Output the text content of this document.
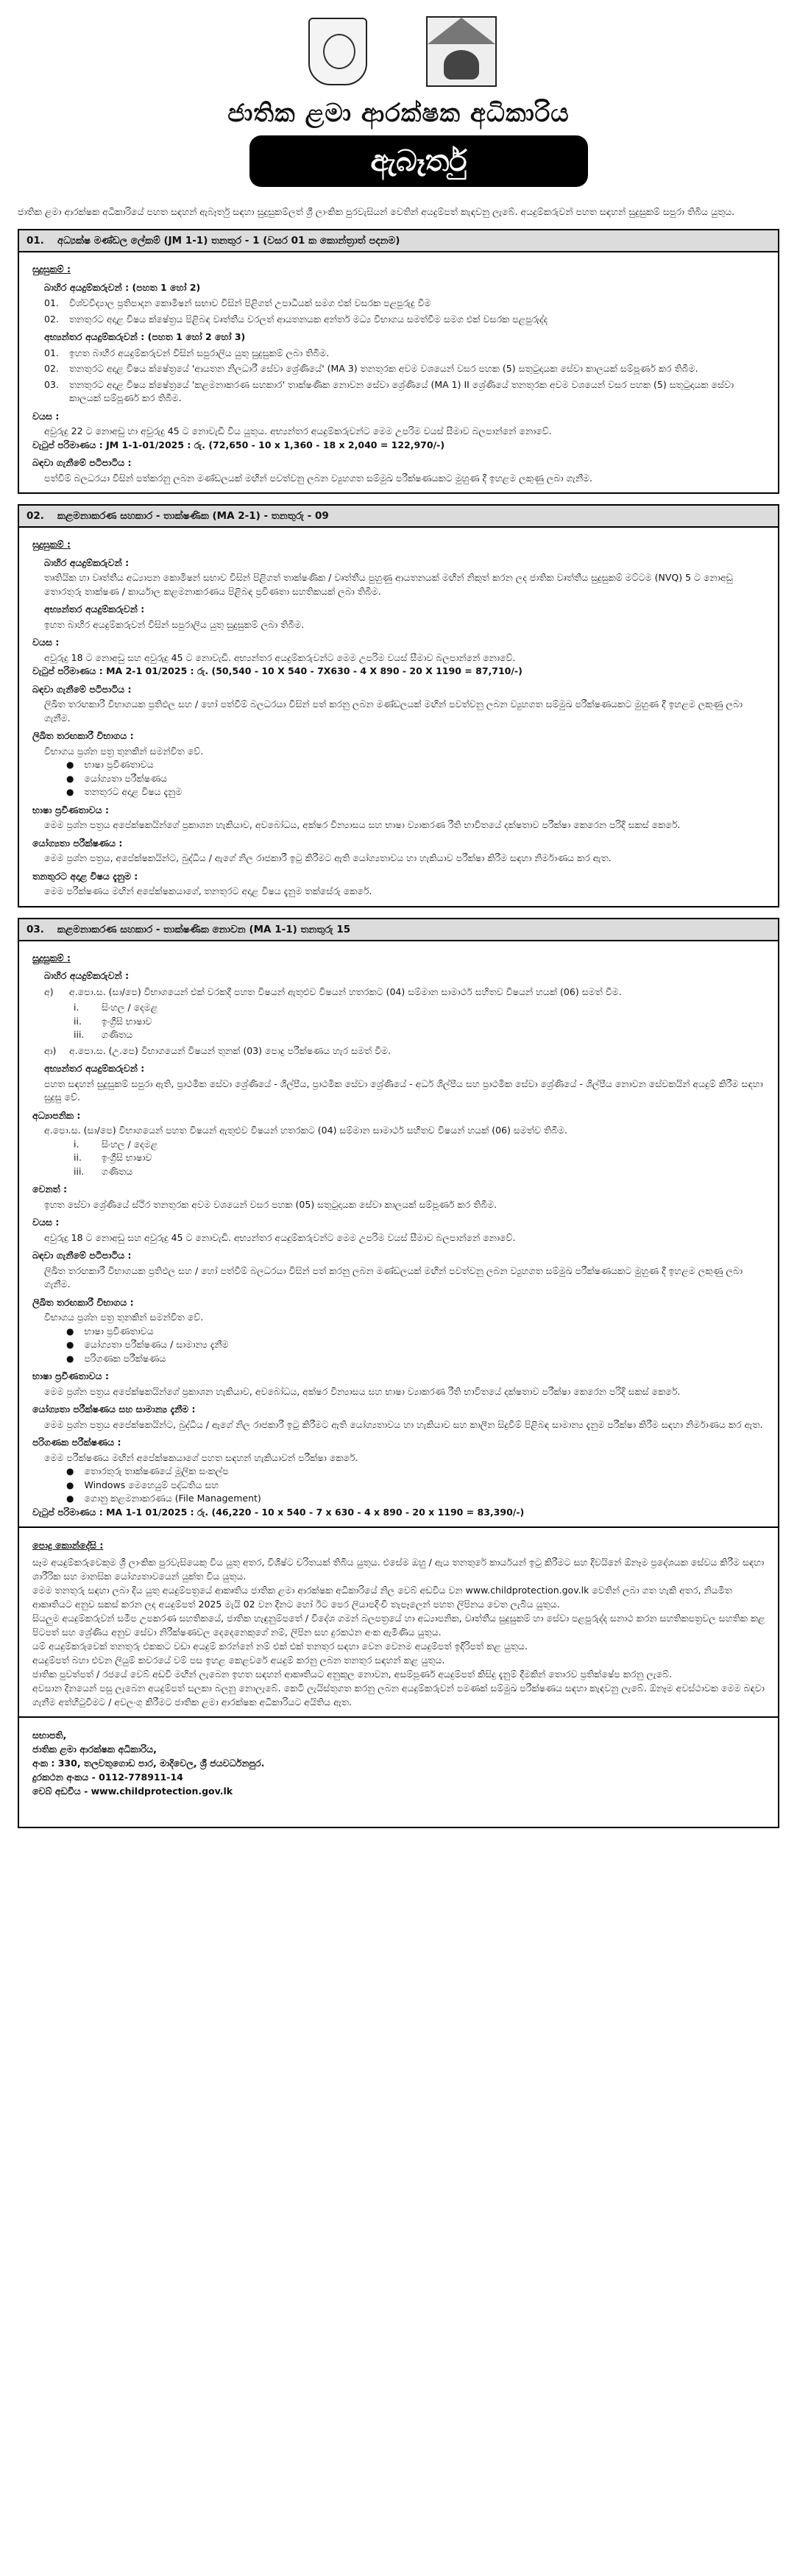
ජාතික ළමා ආරක්ෂක අධිකාරිය
ඇබෑර්තු
ජාතික ළමා ආරක්ෂක අධිකාරියේ පහත සඳහන් ඇබෑර්තු සඳහා සුදුසුකම්ලත් ශ්‍රී ලාංකික පුරවැසියන් වෙතින් අයදුම්පත් කැඳවනු ලැබේ. අයදුම්කරුවන් පහත සඳහන් සුදුසුකම් සපුරා තිබිය යුතුය.
01. අධ්‍යක්ෂ මණ්ඩල ලේකම් (JM 1-1) තනතුර - 1 (වසර 01 ක කොන්ත්‍රාත් පදනම)
සුදුසුකම් :
බාහිර අයදුම්කරුවන් : (පහත 1 හෝ 2)
01.	විශ්වවිද්‍යාල ප්‍රතිපාදන කොමිෂන් සභාව විසින් පිළිගත් උපාධියක් සමග එක් වසරක පළපුරුදු වීම
02.	තනතුරට අදාළ විෂය ක්ෂේත්‍රය පිළිබඳ වෘත්තීය වරලත් ආයතනයක අන්තර් මධ්‍ය විභාගය සමත්වීම සමග එක් වසරක පළපුරුද්ද
අභ්‍යන්තර අයදුම්කරුවන් : (පහත 1 හෝ 2 හෝ 3)
01.	ඉහත බාහිර අයදුම්කරුවන් විසින් සපුරාලිය යුතු සුදුසුකම් ලබා තිබීම.
02.	තනතුරට අදාළ විෂය ක්ෂේත්‍රයේ 'ආයතන නිලධාරී සේවා ශ්‍රේණියේ' (MA 3) තනතුරක අවම වශයෙන් වසර පහක (5) සතුටුදායක සේවා කාලයක් සම්පූර්ණ කර තිබීම.
03.	තනතුරට අදාළ විෂය ක්ෂේත්‍රයේ 'කළමනාකරණ සහකාර' තාක්ෂණික නොවන සේවා ශ්‍රේණියේ (MA 1) II ශ්‍රේණියේ තනතුරක අවම වශයෙන් වසර පහක (5) සතුටුදායක සේවා කාලයක් සම්පූර්ණ කර තිබීම.
වයස :
අවුරුදු 22 ට නොඅඩු හා අවුරුදු 45 ට නොවැඩි විය යුතුය. අභ්‍යන්තර අයදුම්කරුවන්ට මෙම උපරිම වයස් සීමාව බලපාන්නේ නොවේ.
වැටුප් පරිමාණය : JM 1-1-01/2025 : රු. (72,650 - 10 x 1,360 - 18 x 2,040 = 122,970/-)
බඳවා ගැනීමේ පටිපාටිය :
පත්වීම් බලධරයා විසින් පත්කරනු ලබන මණ්ඩලයක් මඟින් පවත්වනු ලබන ව්‍යුහගත සම්මුඛ පරීක්ෂණයකට මුහුණ දී ඉහළම ලකුණු ලබා ගැනීම.
02. කළමනාකරණ සහකාර - තාක්ෂණික (MA 2-1) - තනතුරු - 09
සුදුසුකම් :
බාහිර අයදුම්කරුවන් :
තෘතියික හා වෘත්තීය අධ්‍යාපන කොමිෂන් සභාව විසින් පිළිගත් තාක්ෂණික / වෘත්තීය පුහුණු ආයතනයක් මඟින් නිකුත් කරන ලද ජාතික වෘත්තීය සුදුසුකම් මට්ටම (NVQ) 5 ට නොඅඩු තොරතුරු තාක්ෂණ / කාර්යාල කළමනාකරණය පිළිබඳ ප්‍රවීණතා සහතිකයක් ලබා තිබීම.
අභ්‍යන්තර අයදුම්කරුවන් :
ඉහත බාහිර අයදුම්කරුවන් විසින් සපුරාලිය යුතු සුදුසුකම් ලබා තිබීම.
වයස :
අවුරුදු 18 ට නොඅඩු සහ අවුරුදු 45 ට නොවැඩි. අභ්‍යන්තර අයදුම්කරුවන්ට මෙම උපරිම වයස් සීමාව බලපාන්නේ නොවේ.
වැටුප් පරිමාණය : MA 2-1 01/2025 : රු. (50,540 - 10 X 540 - 7X630 - 4 X 890 - 20 X 1190 = 87,710/-)
බඳවා ගැනීමේ පටිපාටිය :
ලිඛිත තරඟකාරී විභාගයක ප්‍රතිඵල සහ / හෝ පත්වීම් බලධරයා විසින් පත් කරනු ලබන මණ්ඩලයක් මඟින් පවත්වනු ලබන ව්‍යුහගත සම්මුඛ පරීක්ෂණයකට මුහුණ දී ඉහළම ලකුණු ලබා ගැනීම.
ලිඛිත තරඟකාරී විභාගය :
විභාගය ප්‍රශ්න පත්‍ර තුනකින් සමන්විත වේ.
● භාෂා ප්‍රවීණතාවය
● යෝග්‍යතා පරීක්ෂණය
● තනතුරට අදාළ විෂය දැනුම
භාෂා ප්‍රවීණතාවය :
මෙම ප්‍රශ්න පත්‍රය අපේක්ෂකයින්ගේ ප්‍රකාශන හැකියාව, අවබෝධය, අක්ෂර වින්‍යාසය සහ භාෂා ව්‍යාකරණ රීති භාවිතයේ දක්ෂතාව පරීක්ෂා කෙරෙන පරිදි සකස් කෙරේ.
යෝග්‍යතා පරීක්ෂණය :
මෙම ප්‍රශ්න පත්‍රය, අපේක්ෂකයින්ට, බුද්ධිය / ඇගේ නිල රාජකාරී ඉටු කිරීමට ඇති යෝග්‍යතාවය හා හැකියාව පරීක්ෂා කිරීම සඳහා නිර්මාණය කර ඇත.
තනතුරට අදාළ විෂය දැනුම :
මෙම පරීක්ෂණය මඟින් අපේක්ෂකයාගේ, තනතුරට අදාළ විෂය දැනුම තක්සේරු කෙරේ.
03. කළමනාකරණ සහකාර - තාක්ෂණික නොවන (MA 1-1) තනතුරු 15
සුදුසුකම් :
බාහිර අයදුම්කරුවන් :
අ)	අ.පො.ස. (සා/පෙ) විභාගයෙන් එක් වරකදී පහත විෂයන් ඇතුළුව විෂයන් හතරකට (04) සම්මාන සාමාර්ථ සහිතව විෂයන් හයක් (06) සමත් වීම.
i.	සිංහල / දෙමළ
ii.	ඉංග්‍රීසි භාෂාව
iii.	ගණිතය
ආ)	අ.පො.ස. (උ.පෙ) විභාගයෙන් විෂයන් තුනක් (03) පොදු පරීක්ෂණය හැර සමත් වීම.
අභ්‍යන්තර අයදුම්කරුවන් :
පහත සඳහන් සුදුසුකම් සපුරා ඇති, ප්‍රාථමික සේවා ශ්‍රේණියේ - ශිල්පීය, ප්‍රාථමික සේවා ශ්‍රේණියේ - අර්ධ ශිල්පීය සහ ප්‍රාථමික සේවා ශ්‍රේණියේ - ශිල්පීය නොවන සේවකයින් අයදුම් කිරීම සඳහා සුදුසු වේ.
අධ්‍යාපනික :
අ.පො.ස. (සා/පෙ) විභාගයෙන් පහත විෂයන් ඇතුළුව විෂයන් හතරකට (04) සම්මාන සාමාර්ථ සහිතව විෂයන් හයක් (06) සමත්ව තිබීම.
i.	සිංහල / දෙමළ
ii.	ඉංග්‍රීසි භාෂාව
iii.	ගණිතය
වෙනත් :
ඉහත සේවා ශ්‍රේණියේ ස්ථිර තනතුරක අවම වශයෙන් වසර පහක (05) සතුටුදායක සේවා කාලයක් සම්පූර්ණ කර තිබීම.
වයස :
අවුරුදු 18 ට නොඅඩු සහ අවුරුදු 45 ට නොවැඩි. අභ්‍යන්තර අයදුම්කරුවන්ට මෙම උපරිම වයස් සීමාව බලපාන්නේ නොවේ.
බඳවා ගැනීමේ පටිපාටිය :
ලිඛිත තරඟකාරී විභාගයක ප්‍රතිඵල සහ / හෝ පත්වීම් බලධරයා විසින් පත් කරනු ලබන මණ්ඩලයක් මඟින් පවත්වනු ලබන ව්‍යුහගත සම්මුඛ පරීක්ෂණයකට මුහුණ දී ඉහළම ලකුණු ලබා ගැනීම.
ලිඛිත තරඟකාරී විභාගය :
විභාගය ප්‍රශ්න පත්‍ර තුනකින් සමන්විත වේ.
● භාෂා ප්‍රවීණතාවය
● යෝග්‍යතා පරීක්ෂණය / සාමාන්‍ය දැනීම
● පරිගණක පරීක්ෂණය
භාෂා ප්‍රවීණතාවය :
මෙම ප්‍රශ්න පත්‍රය අපේක්ෂකයින්ගේ ප්‍රකාශන හැකියාව, අවබෝධය, අක්ෂර වින්‍යාසය සහ භාෂා ව්‍යාකරණ රීති භාවිතයේ දක්ෂතාව පරීක්ෂා කෙරෙන පරිදි සකස් කෙරේ.
යෝග්‍යතා පරීක්ෂණය සහ සාමාන්‍ය දැනීම :
මෙම ප්‍රශ්න පත්‍රය අපේක්ෂකයින්ට, බුද්ධිය / ඇගේ නිල රාජකාරී ඉටු කිරීමට ඇති යෝග්‍යතාවය හා හැකියාව සහ කාලීන සිදුවීම් පිළිබඳ සාමාන්‍ය දැනුම පරීක්ෂා කිරීම සඳහා නිර්මාණය කර ඇත.
පරිගණක පරීක්ෂණය :
මෙම පරීක්ෂණය මඟින් අපේක්ෂකයාගේ පහත සඳහන් හැකියාවන් පරීක්ෂා කෙරේ.
● තොරතුරු තාක්ෂණයේ මූලික සංකල්ප
● Windows මෙහෙයුම් පද්ධතිය සහ
● ගොනු කළමනාකරණය (File Management)
වැටුප් පරිමාණය : MA 1-1 01/2025 : රු. (46,220 - 10 x 540 - 7 x 630 - 4 x 890 - 20 x 1190 = 83,390/-)
පොදු කොන්දේසි :
සෑම අයදුම්කරුවෙකුම ශ්‍රී ලාංකික පුරවැසියෙකු විය යුතු අතර, විශිෂ්ට චරිතයක් තිබිය යුතුය. එසේම ඔහු / ඇය තනතුරේ කාර්යයන් ඉටු කිරීමට සහ දිවයිනේ ඕනෑම ප්‍රදේශයක සේවය කිරීම සඳහා ශාරීරික සහ මානසික යෝග්‍යතාවයෙන් යුක්ත විය යුතුය.
මෙම තනතුරු සඳහා ලබා දිය යුතු අයදුම්පත්‍රයේ ආකෘතිය ජාතික ළමා ආරක්ෂක අධිකාරියේ නිල වෙබ් අඩවිය වන www.childprotection.gov.lk වෙතින් ලබා ගත හැකි අතර, නියමිත ආකෘතියට අනුව සකස් කරන ලද අයදුම්පත් 2025 මැයි 02 වන දිනට හෝ ඊට පෙර ලියාපදිංචි තැපෑලෙන් පහත ලිපිනය වෙත ලැබිය යුතුය.
සියලුම අයදුම්කරුවන් සමීප උපකරණ සහතිකයේ, ජාතික හැඳුනුම්පතේ / විදේශ ගමන් බලපත්‍රයේ හා අධ්‍යාපනික, වෘත්තීය සුදුසුකම් හා සේවා පළපුරුද්ද සනාථ කරන සහතිකපත්‍රවල සහතික කළ පිටපත් සහ ශ්‍රේණිය අනුව සේවා නිරීක්ෂණවල දෙදෙනෙකුගේ නම්, ලිපින සහ දුරකථන අංක ඇමිණිය යුතුය.
යම් අයදුම්කරුවෙක් තනතුරු එකකට වඩා අයදුම් කරන්නේ නම් එක් එක් තනතුර සඳහා වෙන වෙනම අයදුම්පත් ඉදිරිපත් කළ යුතුය.
අයදුම්පත් බහා එවන ලියුම් කවරයේ වම් පස ඉහළ කෙළවරේ අයදුම් කරනු ලබන තනතුර සඳහන් කළ යුතුය.
ජාතික පුවත්පත් / රජයේ වෙබ් අඩවි මඟින් ලැබෙන ඉහත සඳහන් ආකෘතියට අනුකූල නොවන, අසම්පූර්ණ අයදුම්පත් කිසිදු දැනුම් දීමකින් තොරව ප්‍රතික්ෂේප කරනු ලැබේ.
අවසාන දිනයෙන් පසු ලැබෙන අයදුම්පත් සලකා බලනු නොලැබේ. කෙටි ලැයිස්තුගත කරනු ලබන අයදුම්කරුවන් පමණක් සම්මුඛ පරීක්ෂණය සඳහා කැඳවනු ලැබේ. ඕනෑම අවස්ථාවක මෙම බඳවා ගැනීම අත්හිටුවීමට / අවලංගු කිරීමට ජාතික ළමා ආරක්ෂක අධිකාරියට අයිතිය ඇත.
සභාපති,
ජාතික ළමා ආරක්ෂක අධිකාරිය,
අංක : 330, තලවතුගොඩ පාර, මාදිවෙල, ශ්‍රී ජයවර්ධනපුර.
දුරකථන අංකය - 0112-778911-14
වෙබ් අඩවිය - www.childprotection.gov.lk
